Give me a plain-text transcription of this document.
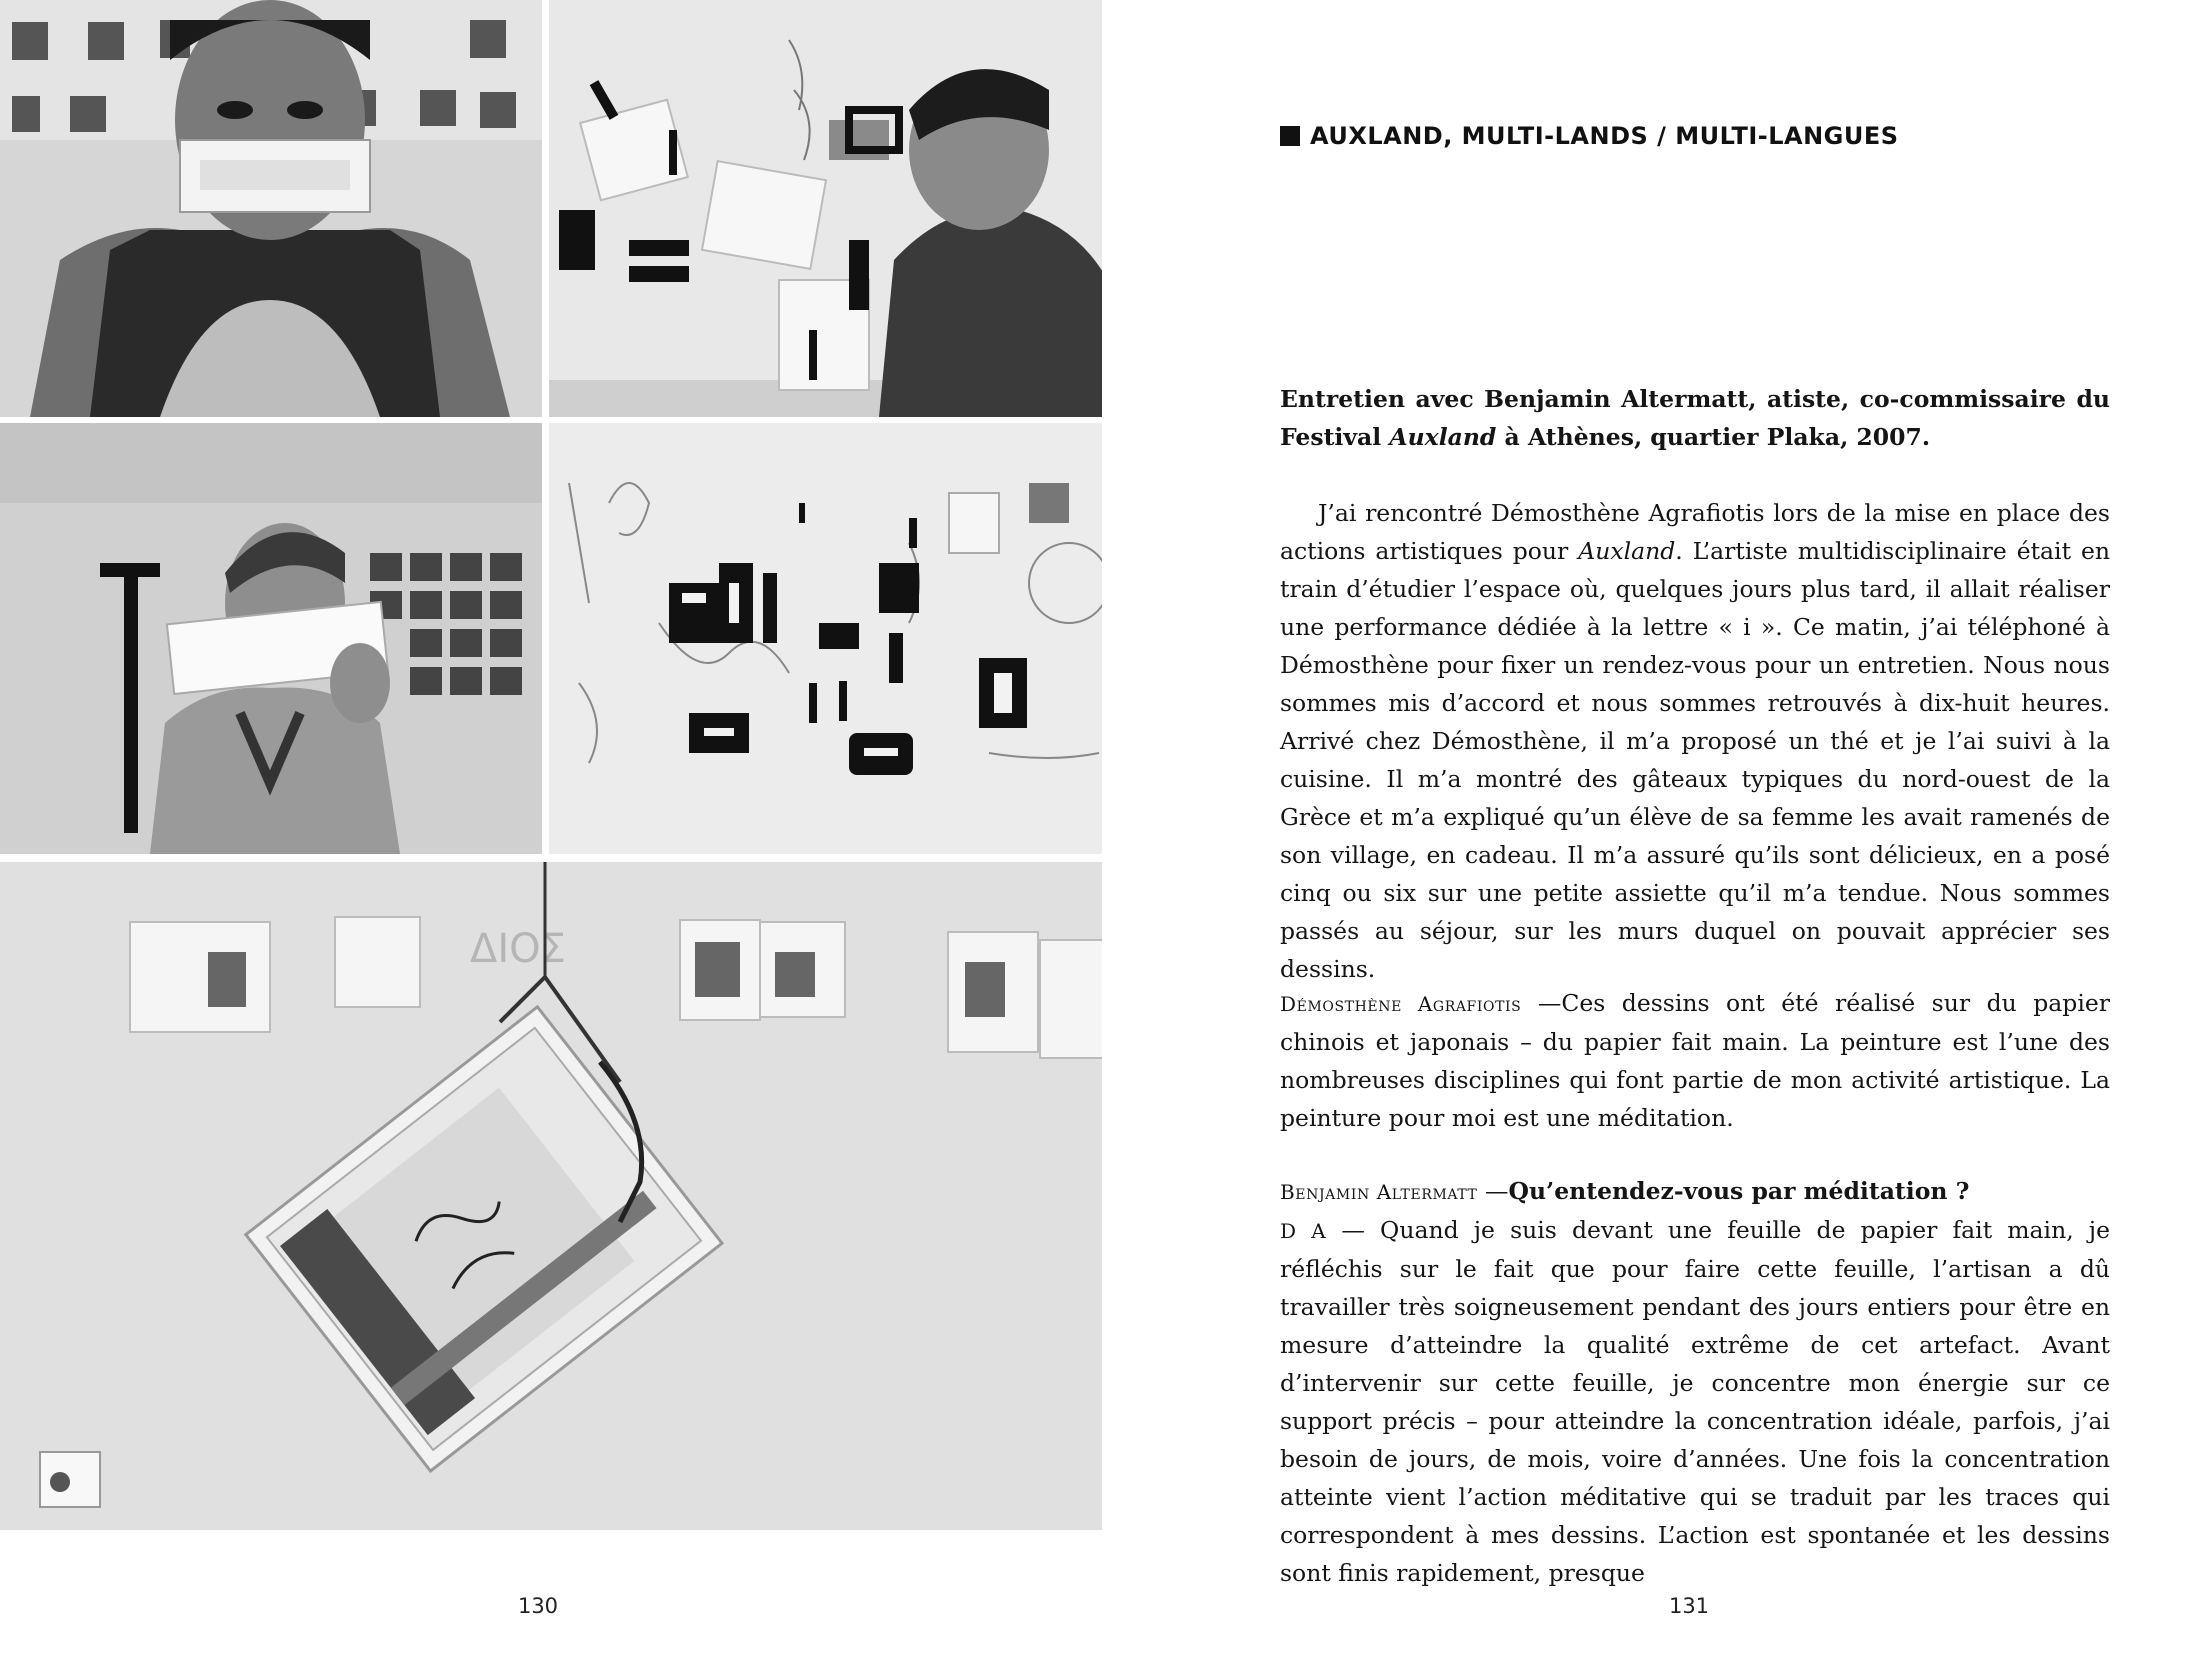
ΔΙΟΣ
130
AUXLAND, MULTI-LANDS / MULTI-LANGUES
Entretien avec Benjamin Altermatt, atiste, co-commissaire du Festival Auxland à Athènes, quartier Plaka, 2007.
J’ai rencontré Démosthène Agrafiotis lors de la mise en place des actions artistiques pour Auxland. L’artiste multidisciplinaire était en train d’étudier l’espace où, quelques jours plus tard, il allait réaliser une performance dédiée à la lettre « i ». Ce matin, j’ai téléphoné à Démosthène pour fixer un rendez-vous pour un entretien. Nous nous sommes mis d’accord et nous sommes retrouvés à dix-huit heures. Arrivé chez Démosthène, il m’a proposé un thé et je l’ai suivi à la cuisine. Il m’a montré des gâteaux typiques du nord-ouest de la Grèce et m’a expliqué qu’un élève de sa femme les avait ramenés de son village, en cadeau. Il m’a assuré qu’ils sont délicieux, en a posé cinq ou six sur une petite assiette qu’il m’a tendue. Nous sommes passés au séjour, sur les murs duquel on pouvait apprécier ses dessins.
Démosthène Agrafiotis —Ces dessins ont été réalisé sur du papier chinois et japonais – du papier fait main. La peinture est l’une des nombreuses disciplines qui font partie de mon activité artistique. La peinture pour moi est une méditation.
Benjamin Altermatt —Qu’entendez-vous par méditation ?
D A — Quand je suis devant une feuille de papier fait main, je réfléchis sur le fait que pour faire cette feuille, l’artisan a dû travailler très soigneusement pendant des jours entiers pour être en mesure d’atteindre la qualité extrême de cet artefact. Avant d’intervenir sur cette feuille, je concentre mon énergie sur ce support précis – pour atteindre la concentration idéale, parfois, j’ai besoin de jours, de mois, voire d’années. Une fois la concentration atteinte vient l’action méditative qui se traduit par les traces qui correspondent à mes dessins. L’action est spontanée et les dessins sont finis rapidement, presque
131
